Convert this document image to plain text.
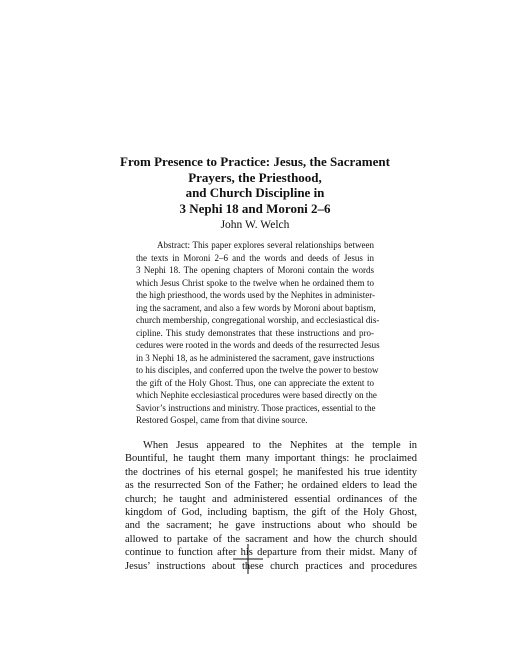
From Presence to Practice: Jesus, the Sacrament
Prayers, the Priesthood,
and Church Discipline in
3 Nephi 18 and Moroni 2–6
John W. Welch
Abstract: This paper explores several relationships between
the texts in Moroni 2–6 and the words and deeds of Jesus in
3 Nephi 18. The opening chapters of Moroni contain the words
which Jesus Christ spoke to the twelve when he ordained them to
the high priesthood, the words used by the Nephites in administer-
ing the sacrament, and also a few words by Moroni about baptism,
church membership, congregational worship, and ecclesiastical dis-
cipline. This study demonstrates that these instructions and pro-
cedures were rooted in the words and deeds of the resurrected Jesus
in 3 Nephi 18, as he administered the sacrament, gave instructions
to his disciples, and conferred upon the twelve the power to bestow
the gift of the Holy Ghost. Thus, one can appreciate the extent to
which Nephite ecclesiastical procedures were based directly on the
Savior’s instructions and ministry. Those practices, essential to the
Restored Gospel, came from that divine source.
When Jesus appeared to the Nephites at the temple in
Bountiful, he taught them many important things: he proclaimed
the doctrines of his eternal gospel; he manifested his true identity
as the resurrected Son of the Father; he ordained elders to lead the
church; he taught and administered essential ordinances of the
kingdom of God, including baptism, the gift of the Holy Ghost,
and the sacrament; he gave instructions about who should be
allowed to partake of the sacrament and how the church should
continue to function after his departure from their midst. Many of
Jesus’ instructions about these church practices and procedures
